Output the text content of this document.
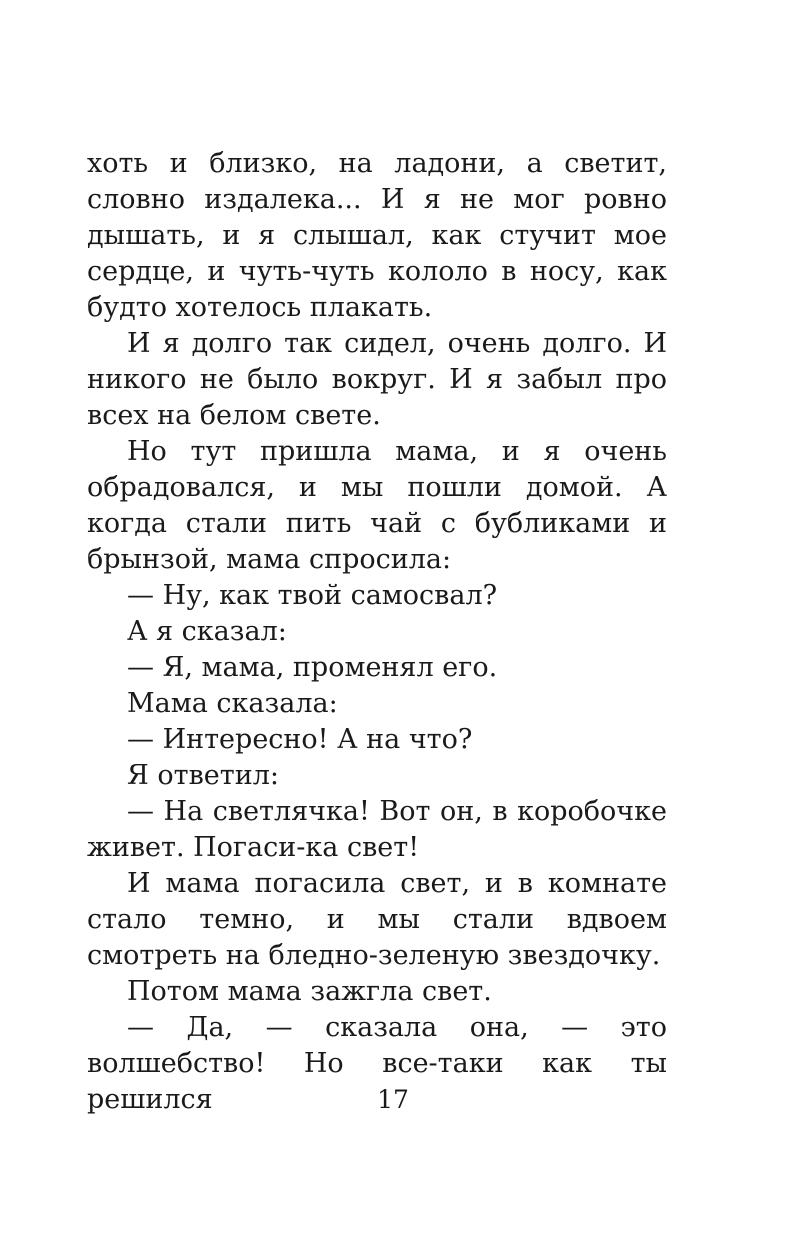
хоть и близко, на ладони, а светит, словно издалека... И я не мог ровно дышать, и я слышал, как стучит мое сердце, и чуть-чуть кололо в носу, как будто хотелось плакать.

И я долго так сидел, очень долго. И никого не было вокруг. И я забыл про всех на белом свете.

Но тут пришла мама, и я очень обрадовался, и мы пошли домой. А когда стали пить чай с бубликами и брынзой, мама спросила:

— Ну, как твой самосвал?

А я сказал:

— Я, мама, променял его.

Мама сказала:

— Интересно! А на что?

Я ответил:

— На светлячка! Вот он, в коробочке живет. Погаси-ка свет!

И мама погасила свет, и в комнате стало темно, и мы стали вдвоем смотреть на бледно-зеленую звездочку.

Потом мама зажгла свет.

— Да, — сказала она, — это волшебство! Но все-таки как ты решился	17
